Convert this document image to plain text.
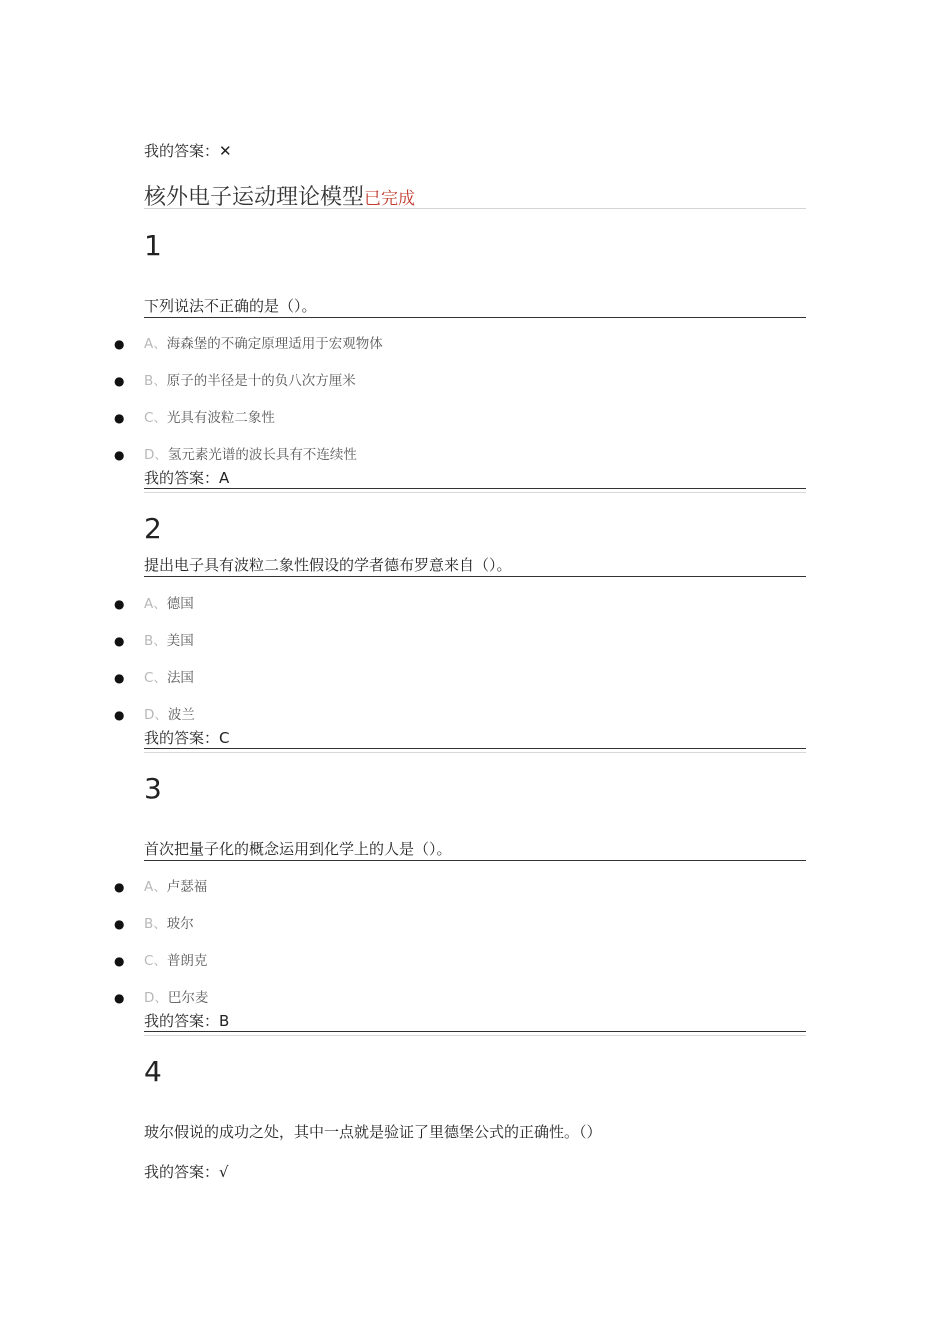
我的答案：✕
核外电子运动理论模型已完成
1
下列说法不正确的是（）。
● A、海森堡的不确定原理适用于宏观物体
● B、原子的半径是十的负八次方厘米
● C、光具有波粒二象性
● D、氢元素光谱的波长具有不连续性
我的答案：A
2
提出电子具有波粒二象性假设的学者德布罗意来自（）。
● A、德国
● B、美国
● C、法国
● D、波兰
我的答案：C
3
首次把量子化的概念运用到化学上的人是（）。
● A、卢瑟福
● B、玻尔
● C、普朗克
● D、巴尔麦
我的答案：B
4
玻尔假说的成功之处，其中一点就是验证了里德堡公式的正确性。（）
我的答案：√
